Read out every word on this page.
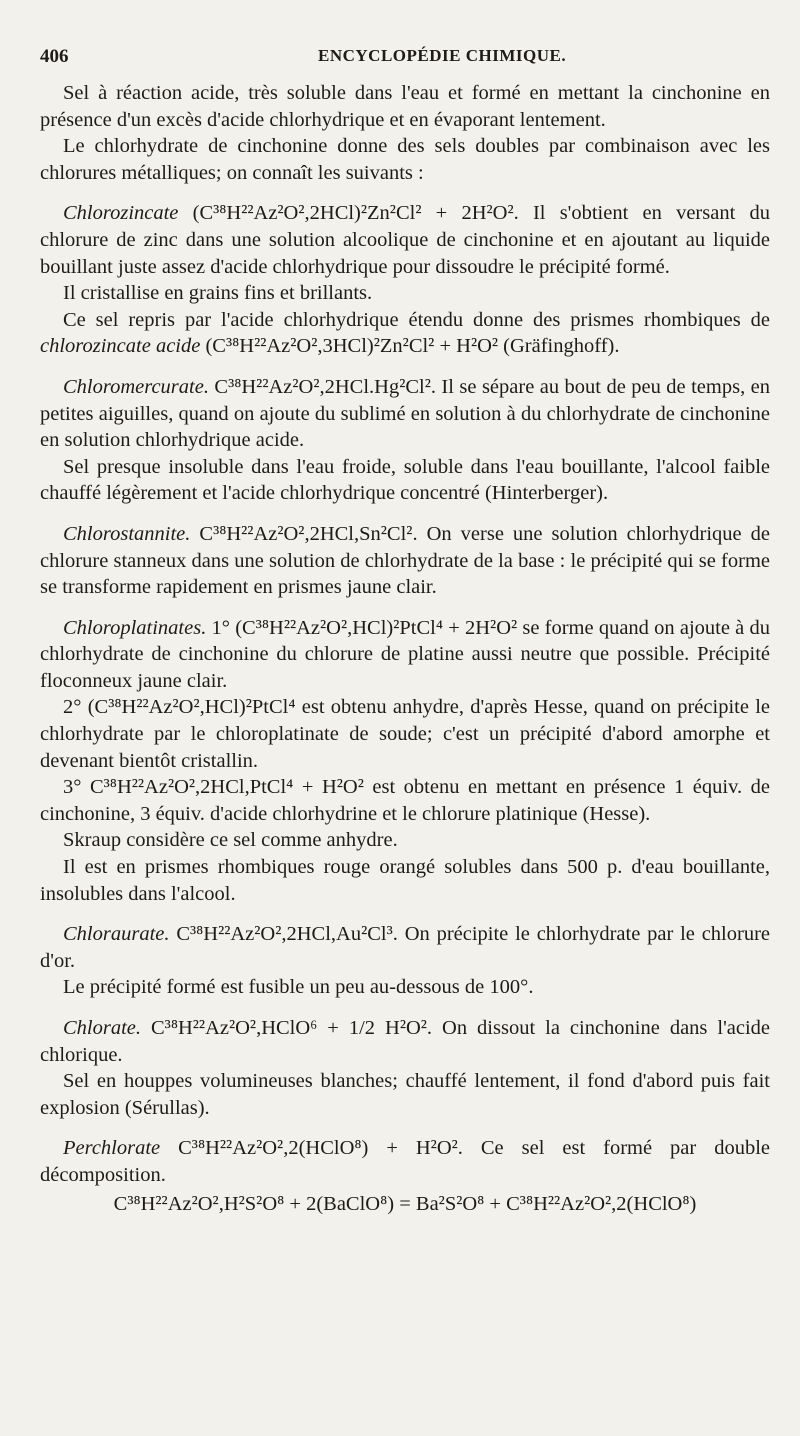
406	ENCYCLOPÉDIE CHIMIQUE.

Sel à réaction acide, très soluble dans l'eau et formé en mettant la cinchonine en présence d'un excès d'acide chlorhydrique et en évaporant lentement.

Le chlorhydrate de cinchonine donne des sels doubles par combinaison avec les chlorures métalliques; on connaît les suivants :

Chlorozincate (C³⁸H²²Az²O²,2HCl)²Zn²Cl² + 2H²O². Il s'obtient en versant du chlorure de zinc dans une solution alcoolique de cinchonine et en ajoutant au liquide bouillant juste assez d'acide chlorhydrique pour dissoudre le précipité formé.

Il cristallise en grains fins et brillants.

Ce sel repris par l'acide chlorhydrique étendu donne des prismes rhombiques de chlorozincate acide (C³⁸H²²Az²O²,3HCl)²Zn²Cl² + H²O² (Gräfinghoff).

Chloromercurate. C³⁸H²²Az²O²,2HCl.Hg²Cl². Il se sépare au bout de peu de temps, en petites aiguilles, quand on ajoute du sublimé en solution à du chlorhydrate de cinchonine en solution chlorhydrique acide.

Sel presque insoluble dans l'eau froide, soluble dans l'eau bouillante, l'alcool faible chauffé légèrement et l'acide chlorhydrique concentré (Hinterberger).

Chlorostannite. C³⁸H²²Az²O²,2HCl,Sn²Cl². On verse une solution chlorhydrique de chlorure stanneux dans une solution de chlorhydrate de la base : le précipité qui se forme se transforme rapidement en prismes jaune clair.

Chloroplatinates. 1° (C³⁸H²²Az²O²,HCl)²PtCl⁴ + 2H²O² se forme quand on ajoute à du chlorhydrate de cinchonine du chlorure de platine aussi neutre que possible. Précipité floconneux jaune clair.

2° (C³⁸H²²Az²O²,HCl)²PtCl⁴ est obtenu anhydre, d'après Hesse, quand on précipite le chlorhydrate par le chloroplatinate de soude; c'est un précipité d'abord amorphe et devenant bientôt cristallin.

3° C³⁸H²²Az²O²,2HCl,PtCl⁴ + H²O² est obtenu en mettant en présence 1 équiv. de cinchonine, 3 équiv. d'acide chlorhydrine et le chlorure platinique (Hesse).

Skraup considère ce sel comme anhydre.

Il est en prismes rhombiques rouge orangé solubles dans 500 p. d'eau bouillante, insolubles dans l'alcool.

Chloraurate. C³⁸H²²Az²O²,2HCl,Au²Cl³. On précipite le chlorhydrate par le chlorure d'or.

Le précipité formé est fusible un peu au-dessous de 100°.

Chlorate. C³⁸H²²Az²O²,HClO⁶ + 1/2 H²O². On dissout la cinchonine dans l'acide chlorique.

Sel en houppes volumineuses blanches; chauffé lentement, il fond d'abord puis fait explosion (Sérullas).

Perchlorate C³⁸H²²Az²O²,2(HClO⁸) + H²O². Ce sel est formé par double décomposition.

C³⁸H²²Az²O²,H²S²O⁸ + 2(BaClO⁸) = Ba²S²O⁸ + C³⁸H²²Az²O²,2(HClO⁸)
